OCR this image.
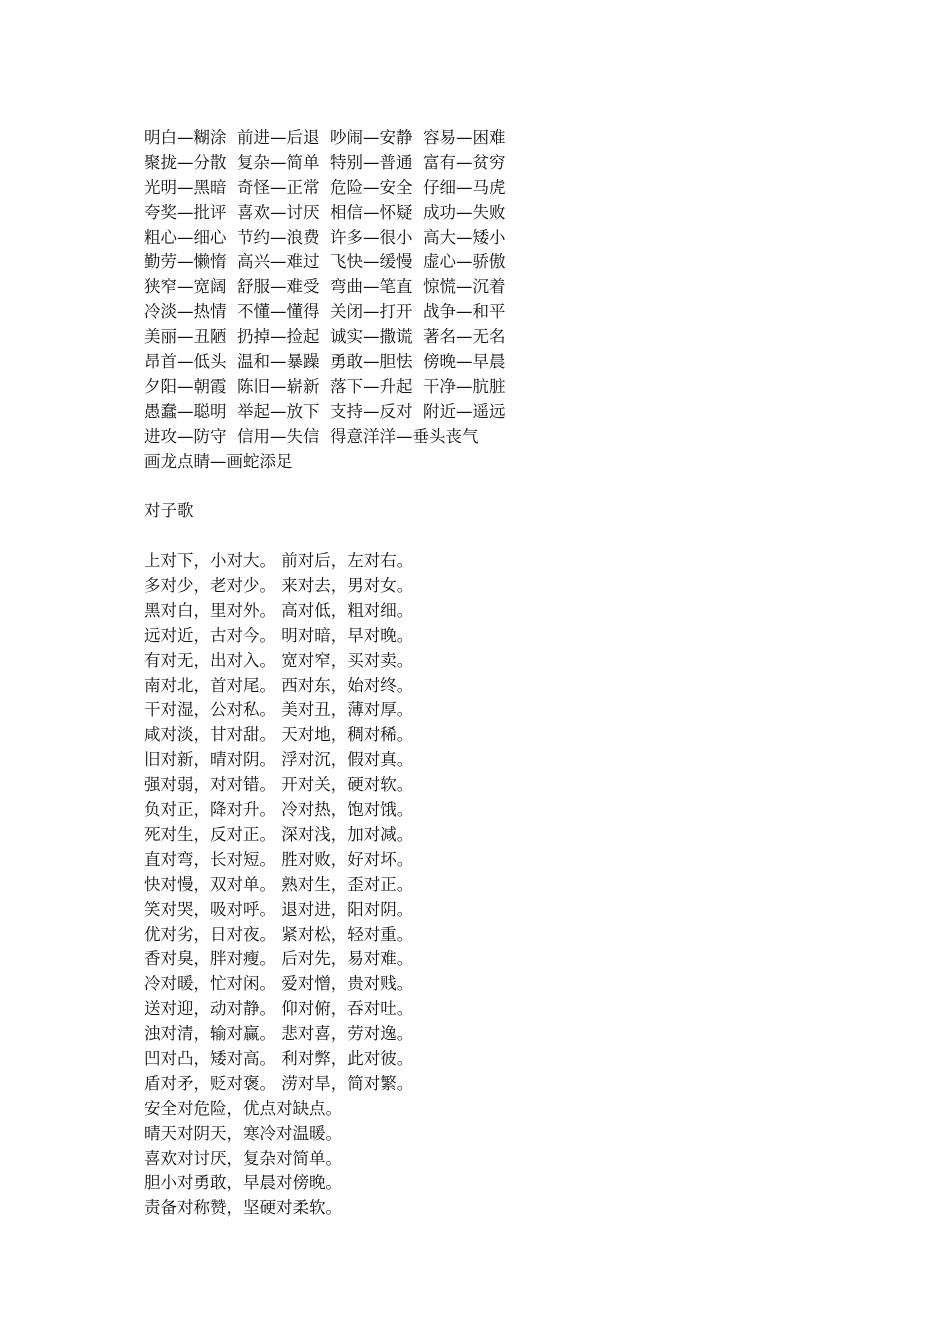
明白—糊涂  前进—后退  吵闹—安静  容易—困难
聚拢—分散  复杂—简单  特别—普通  富有—贫穷
光明—黑暗  奇怪—正常  危险—安全  仔细—马虎
夸奖—批评  喜欢—讨厌  相信—怀疑  成功—失败
粗心—细心  节约—浪费  许多—很小  高大—矮小
勤劳—懒惰  高兴—难过  飞快—缓慢  虚心—骄傲
狭窄—宽阔  舒服—难受  弯曲—笔直  惊慌—沉着
冷淡—热情  不懂—懂得  关闭—打开  战争—和平
美丽—丑陋  扔掉—捡起  诚实—撒谎  著名—无名
昂首—低头  温和—暴躁  勇敢—胆怯  傍晚—早晨
夕阳—朝霞  陈旧—崭新  落下—升起  干净—肮脏
愚蠢—聪明  举起—放下  支持—反对  附近—遥远
进攻—防守  信用—失信  得意洋洋—垂头丧气
画龙点睛—画蛇添足
对子歌
上对下，小对大。 前对后，左对右。
多对少，老对少。 来对去，男对女。
黑对白，里对外。 高对低，粗对细。
远对近，古对今。 明对暗，早对晚。
有对无，出对入。 宽对窄，买对卖。
南对北，首对尾。 西对东，始对终。
干对湿，公对私。 美对丑，薄对厚。
咸对淡，甘对甜。 天对地，稠对稀。
旧对新，晴对阴。 浮对沉，假对真。
强对弱，对对错。 开对关，硬对软。
负对正，降对升。 冷对热，饱对饿。
死对生，反对正。 深对浅，加对减。
直对弯，长对短。 胜对败，好对坏。
快对慢，双对单。 熟对生，歪对正。
笑对哭，吸对呼。 退对进，阳对阴。
优对劣，日对夜。 紧对松，轻对重。
香对臭，胖对瘦。 后对先，易对难。
冷对暖，忙对闲。 爱对憎，贵对贱。
送对迎，动对静。 仰对俯，吞对吐。
浊对清，输对赢。 悲对喜，劳对逸。
凹对凸，矮对高。 利对弊，此对彼。
盾对矛，贬对褒。 涝对旱，简对繁。
安全对危险，优点对缺点。
晴天对阴天，寒冷对温暖。
喜欢对讨厌，复杂对简单。
胆小对勇敢，早晨对傍晚。
责备对称赞，坚硬对柔软。
